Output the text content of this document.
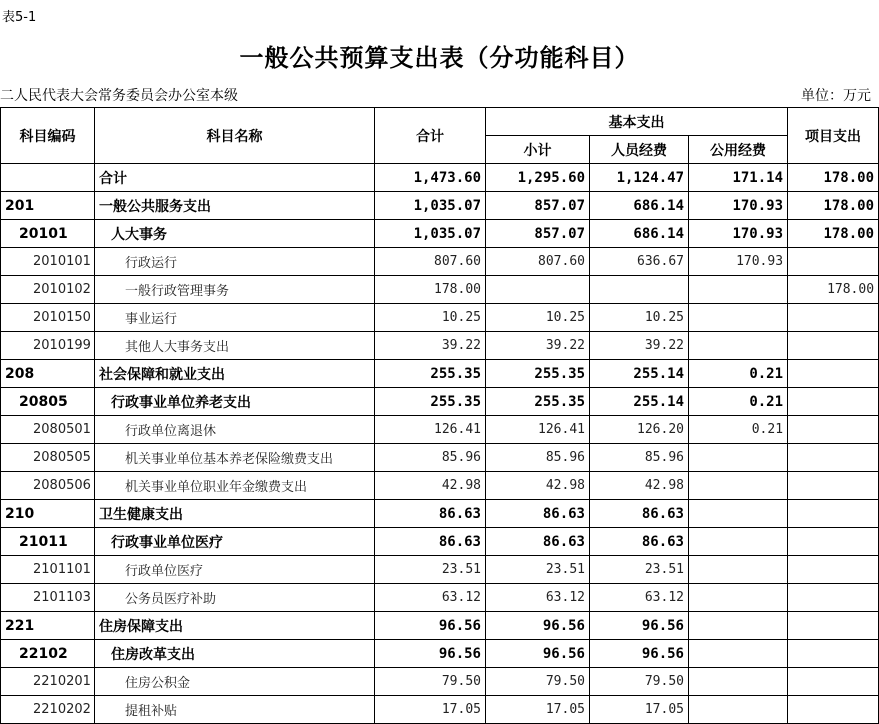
表5-1
一般公共预算支出表（分功能科目）
二人民代表大会常务委员会办公室本级	单位：万元
科目编码	科目名称	合计	基本支出			项目支出
			小计	人员经费	公用经费	
	合计	1,473.60	1,295.60	1,124.47	171.14	178.00
201	一般公共服务支出	1,035.07	857.07	686.14	170.93	178.00
20101	人大事务	1,035.07	857.07	686.14	170.93	178.00
2010101	行政运行	807.60	807.60	636.67	170.93	
2010102	一般行政管理事务	178.00				178.00
2010150	事业运行	10.25	10.25	10.25		
2010199	其他人大事务支出	39.22	39.22	39.22		
208	社会保障和就业支出	255.35	255.35	255.14	0.21	
20805	行政事业单位养老支出	255.35	255.35	255.14	0.21	
2080501	行政单位离退休	126.41	126.41	126.20	0.21	
2080505	机关事业单位基本养老保险缴费支出	85.96	85.96	85.96		
2080506	机关事业单位职业年金缴费支出	42.98	42.98	42.98		
210	卫生健康支出	86.63	86.63	86.63		
21011	行政事业单位医疗	86.63	86.63	86.63		
2101101	行政单位医疗	23.51	23.51	23.51		
2101103	公务员医疗补助	63.12	63.12	63.12		
221	住房保障支出	96.56	96.56	96.56		
22102	住房改革支出	96.56	96.56	96.56		
2210201	住房公积金	79.50	79.50	79.50		
2210202	提租补贴	17.05	17.05	17.05		
